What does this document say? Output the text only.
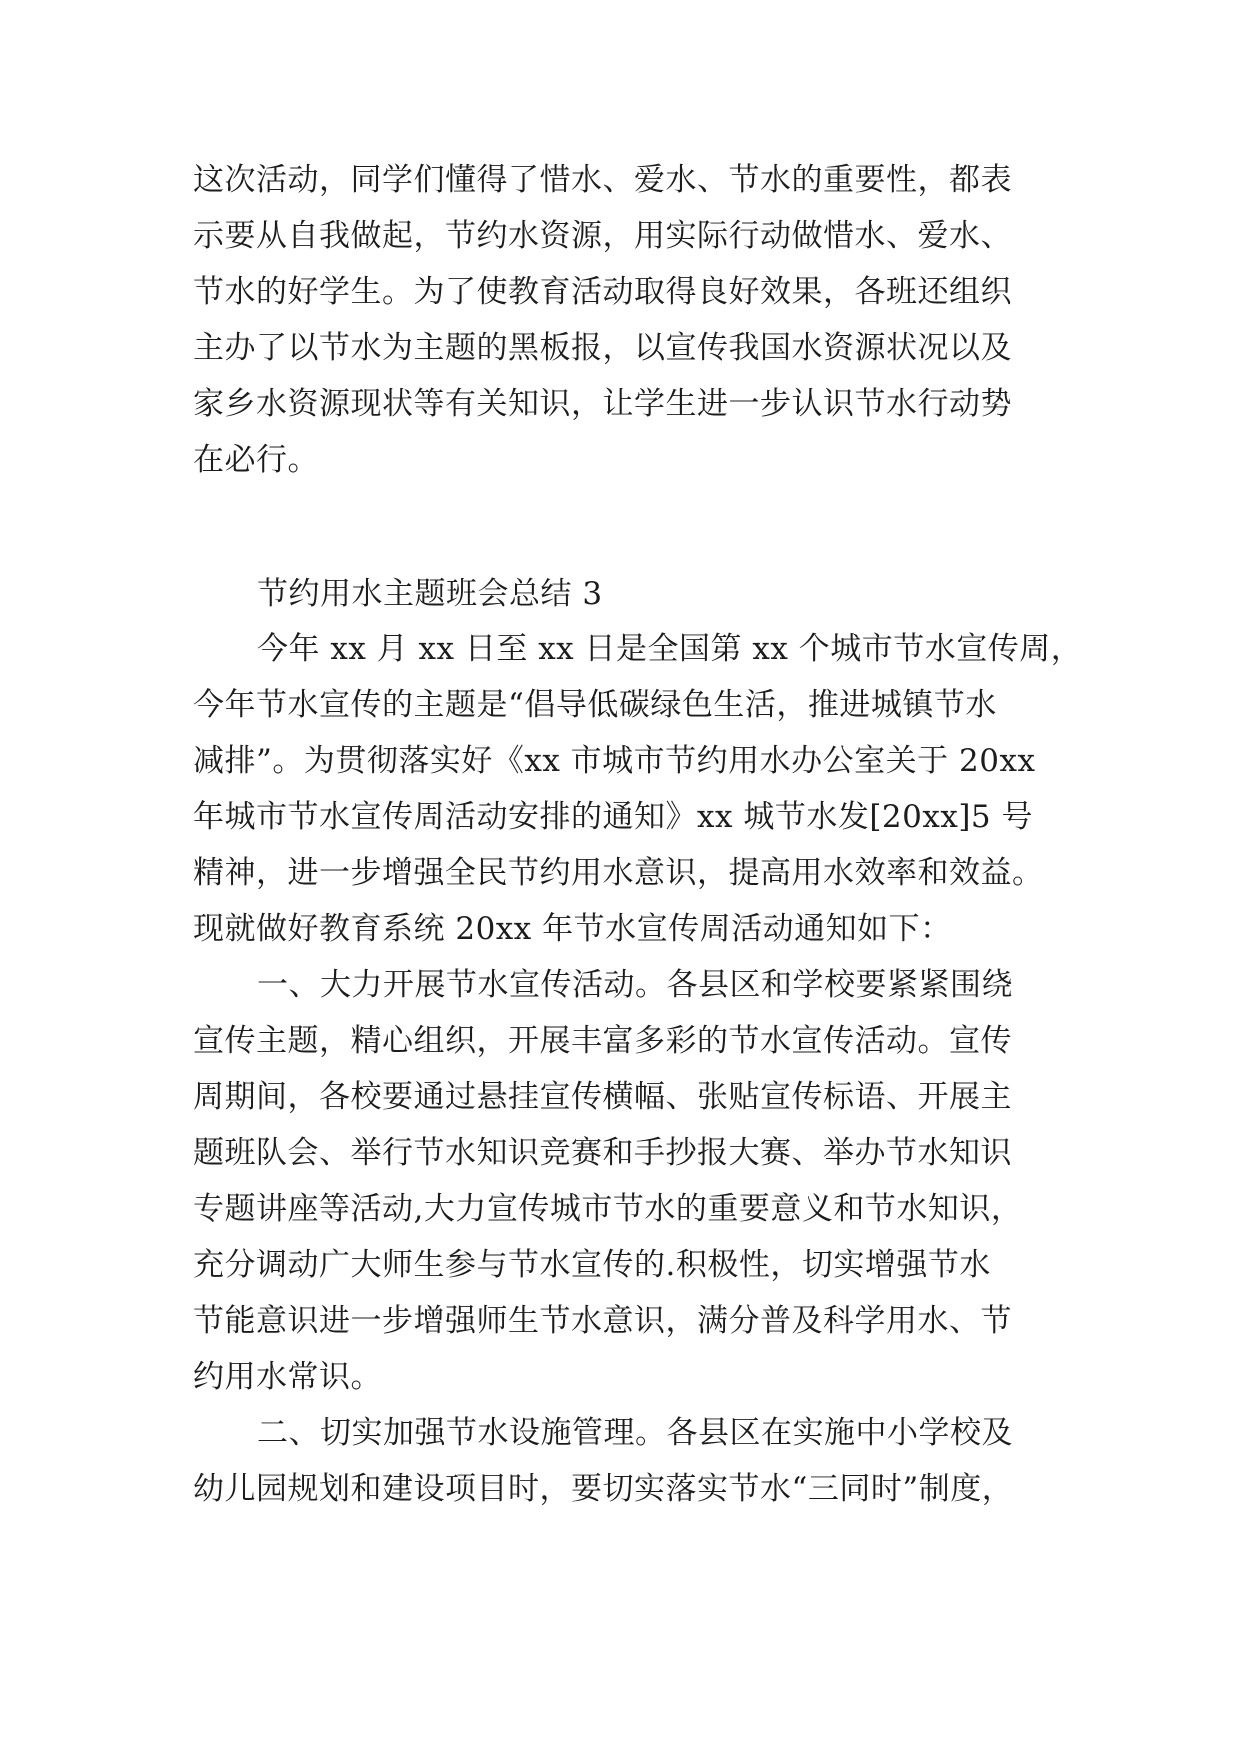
这次活动，同学们懂得了惜水、爱水、节水的重要性，都表
示要从自我做起，节约水资源，用实际行动做惜水、爱水、
节水的好学生。为了使教育活动取得良好效果，各班还组织
主办了以节水为主题的黑板报，以宣传我国水资源状况以及
家乡水资源现状等有关知识，让学生进一步认识节水行动势
在必行。
节约用水主题班会总结 3
今年 xx 月 xx 日至 xx 日是全国第 xx 个城市节水宣传周，
今年节水宣传的主题是“倡导低碳绿色生活，推进城镇节水
减排”。为贯彻落实好《xx 市城市节约用水办公室关于 20xx
年城市节水宣传周活动安排的通知》xx 城节水发[20xx]5 号
精神，进一步增强全民节约用水意识，提高用水效率和效益。
现就做好教育系统 20xx 年节水宣传周活动通知如下：
一、大力开展节水宣传活动。各县区和学校要紧紧围绕
宣传主题，精心组织，开展丰富多彩的节水宣传活动。宣传
周期间，各校要通过悬挂宣传横幅、张贴宣传标语、开展主
题班队会、举行节水知识竞赛和手抄报大赛、举办节水知识
专题讲座等活动,大力宣传城市节水的重要意义和节水知识，
充分调动广大师生参与节水宣传的.积极性，切实增强节水
节能意识进一步增强师生节水意识，满分普及科学用水、节
约用水常识。
二、切实加强节水设施管理。各县区在实施中小学校及
幼儿园规划和建设项目时，要切实落实节水“三同时”制度，
